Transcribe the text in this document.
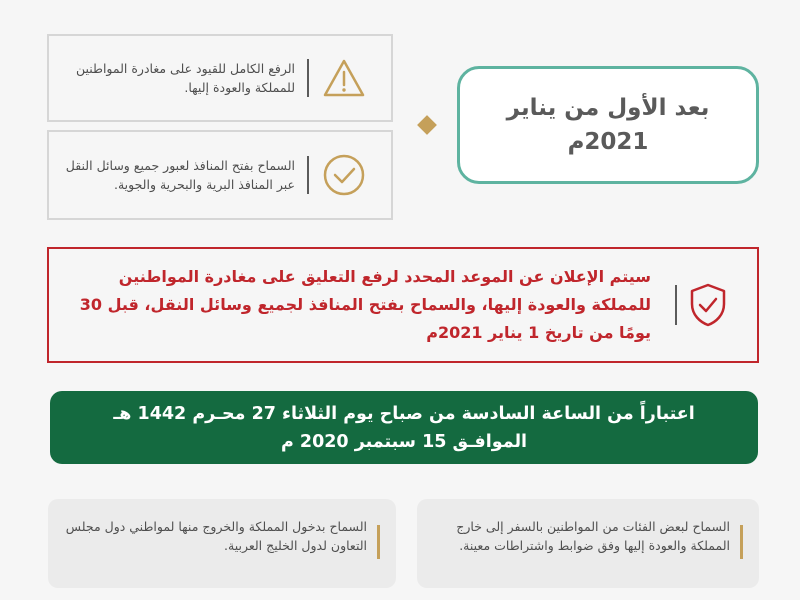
الرفع الكامل للقيود على مغادرة المواطنين للمملكة والعودة إليها.
السماح بفتح المنافذ لعبور جميع وسائل النقل عبر المنافذ البرية والبحرية والجوية.
بعد الأول من يناير
2021م
سيتم الإعلان عن الموعد المحدد لرفع التعليق على مغادرة المواطنين للمملكة والعودة إليها، والسماح بفتح المنافذ لجميع وسائل النقل، قبل 30 يومًا من تاريخ 1 يناير 2021م
اعتباراً من الساعة السادسة من صباح يوم الثلاثاء 27 محـرم 1442 هـ
الموافـق 15 سبتمبر 2020 م
السماح لبعض الفئات من المواطنين بالسفر إلى خارج المملكة والعودة إليها وفق ضوابط واشتراطات معينة.
السماح بدخول المملكة والخروج منها لمواطني دول مجلس التعاون لدول الخليج العربية.
